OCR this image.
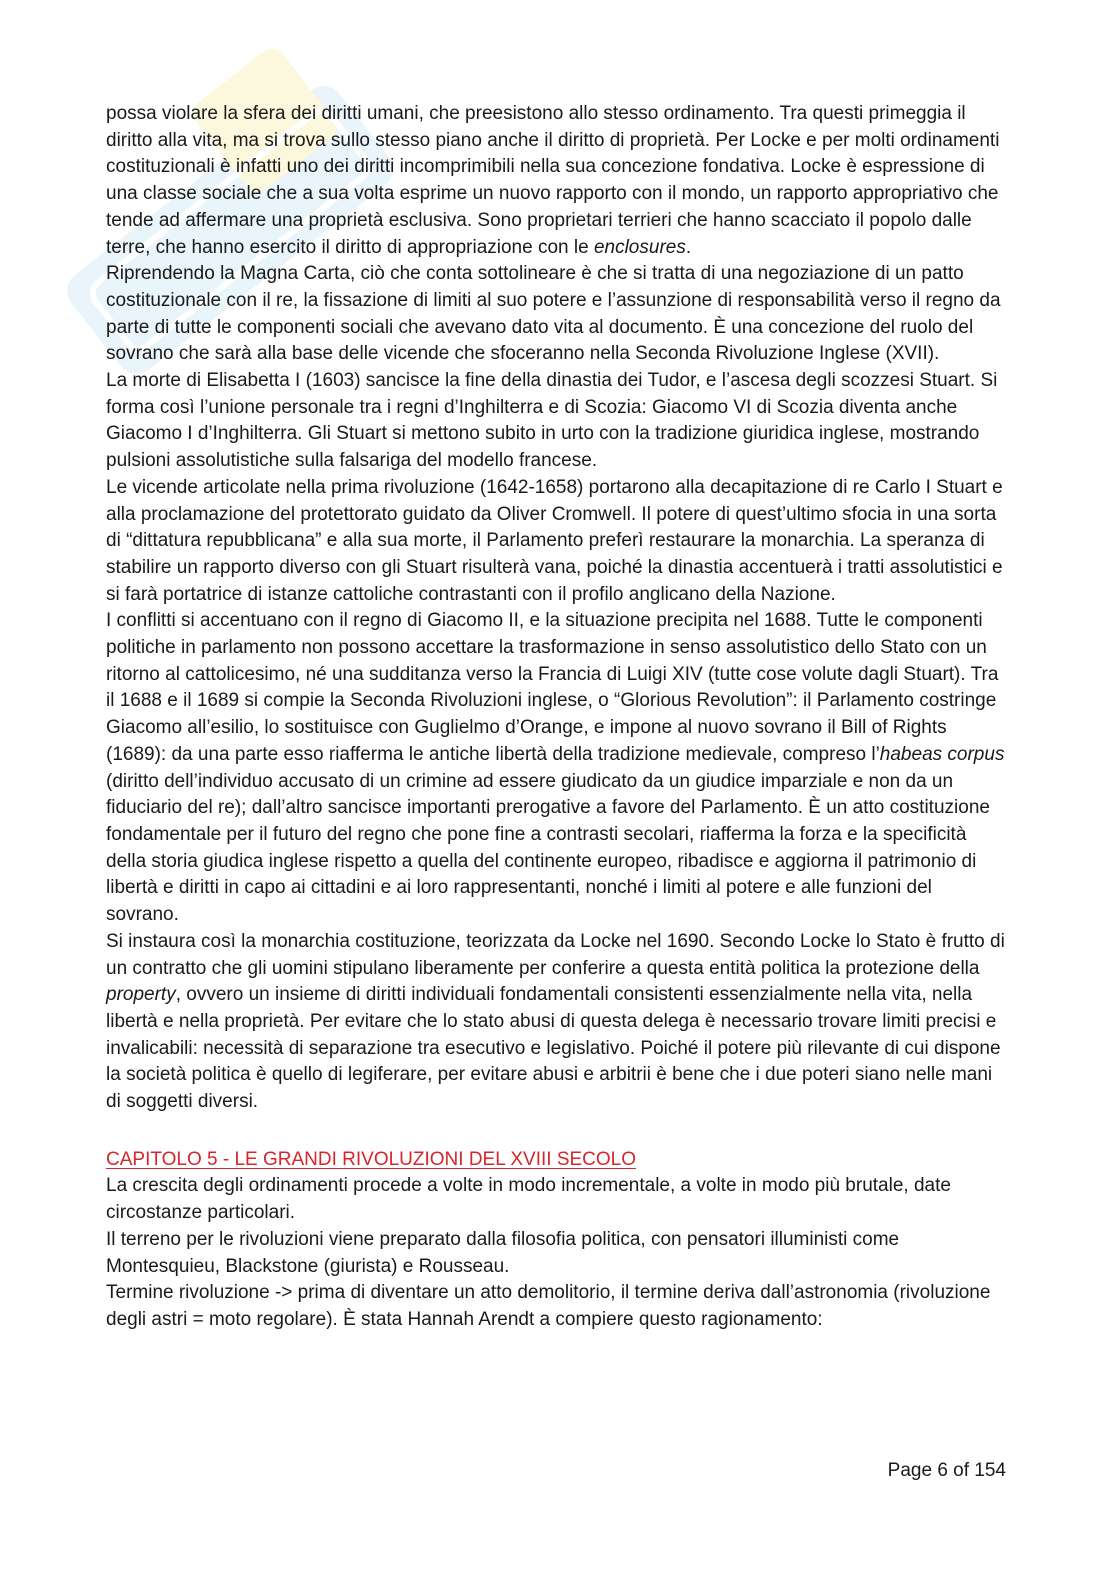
possa violare la sfera dei diritti umani, che preesistono allo stesso ordinamento. Tra questi primeggia il diritto alla vita, ma si trova sullo stesso piano anche il diritto di proprietà. Per Locke e per molti ordinamenti costituzionali è infatti uno dei diritti incomprimibili nella sua concezione fondativa. Locke è espressione di una classe sociale che a sua volta esprime un nuovo rapporto con il mondo, un rapporto appropriativo che tende ad affermare una proprietà esclusiva. Sono proprietari terrieri che hanno scacciato il popolo dalle terre, che hanno esercito il diritto di appropriazione con le enclosures.

Riprendendo la Magna Carta, ciò che conta sottolineare è che si tratta di una negoziazione di un patto costituzionale con il re, la fissazione di limiti al suo potere e l’assunzione di responsabilità verso il regno da parte di tutte le componenti sociali che avevano dato vita al documento. È una concezione del ruolo del sovrano che sarà alla base delle vicende che sfoceranno nella Seconda Rivoluzione Inglese (XVII).

La morte di Elisabetta I (1603) sancisce la fine della dinastia dei Tudor, e l’ascesa degli scozzesi Stuart. Si forma così l’unione personale tra i regni d’Inghilterra e di Scozia: Giacomo VI di Scozia diventa anche Giacomo I d’Inghilterra. Gli Stuart si mettono subito in urto con la tradizione giuridica inglese, mostrando pulsioni assolutistiche sulla falsariga del modello francese.

Le vicende articolate nella prima rivoluzione (1642-1658) portarono alla decapitazione di re Carlo I Stuart e alla proclamazione del protettorato guidato da Oliver Cromwell. Il potere di quest’ultimo sfocia in una sorta di “dittatura repubblicana” e alla sua morte, il Parlamento preferì restaurare la monarchia. La speranza di stabilire un rapporto diverso con gli Stuart risulterà vana, poiché la dinastia accentuerà i tratti assolutistici e si farà portatrice di istanze cattoliche contrastanti con il profilo anglicano della Nazione.

I conflitti si accentuano con il regno di Giacomo II, e la situazione precipita nel 1688. Tutte le componenti politiche in parlamento non possono accettare la trasformazione in senso assolutistico dello Stato con un ritorno al cattolicesimo, né una sudditanza verso la Francia di Luigi XIV (tutte cose volute dagli Stuart). Tra il 1688 e il 1689 si compie la Seconda Rivoluzioni inglese, o “Glorious Revolution”: il Parlamento costringe Giacomo all’esilio, lo sostituisce con Guglielmo d’Orange, e impone al nuovo sovrano il Bill of Rights (1689): da una parte esso riafferma le antiche libertà della tradizione medievale, compreso l’habeas corpus (diritto dell’individuo accusato di un crimine ad essere giudicato da un giudice imparziale e non da un fiduciario del re); dall’altro sancisce importanti prerogative a favore del Parlamento. È un atto costituzione fondamentale per il futuro del regno che pone fine a contrasti secolari, riafferma la forza e la specificità della storia giudica inglese rispetto a quella del continente europeo, ribadisce e aggiorna il patrimonio di libertà e diritti in capo ai cittadini e ai loro rappresentanti, nonché i limiti al potere e alle funzioni del sovrano.

Si instaura così la monarchia costituzione, teorizzata da Locke nel 1690. Secondo Locke lo Stato è frutto di un contratto che gli uomini stipulano liberamente per conferire a questa entità politica la protezione della property, ovvero un insieme di diritti individuali fondamentali consistenti essenzialmente nella vita, nella libertà e nella proprietà. Per evitare che lo stato abusi di questa delega è necessario trovare limiti precisi e invalicabili: necessità di separazione tra esecutivo e legislativo. Poiché il potere più rilevante di cui dispone la società politica è quello di legiferare, per evitare abusi e arbitrii è bene che i due poteri siano nelle mani di soggetti diversi.

CAPITOLO 5 - LE GRANDI RIVOLUZIONI DEL XVIII SECOLO

La crescita degli ordinamenti procede a volte in modo incrementale, a volte in modo più brutale, date circostanze particolari.

Il terreno per le rivoluzioni viene preparato dalla filosofia politica, con pensatori illuministi come Montesquieu, Blackstone (giurista) e Rousseau.

Termine rivoluzione -> prima di diventare un atto demolitorio, il termine deriva dall’astronomia (rivoluzione degli astri = moto regolare). È stata Hannah Arendt a compiere questo ragionamento:

Page 6 of 154
